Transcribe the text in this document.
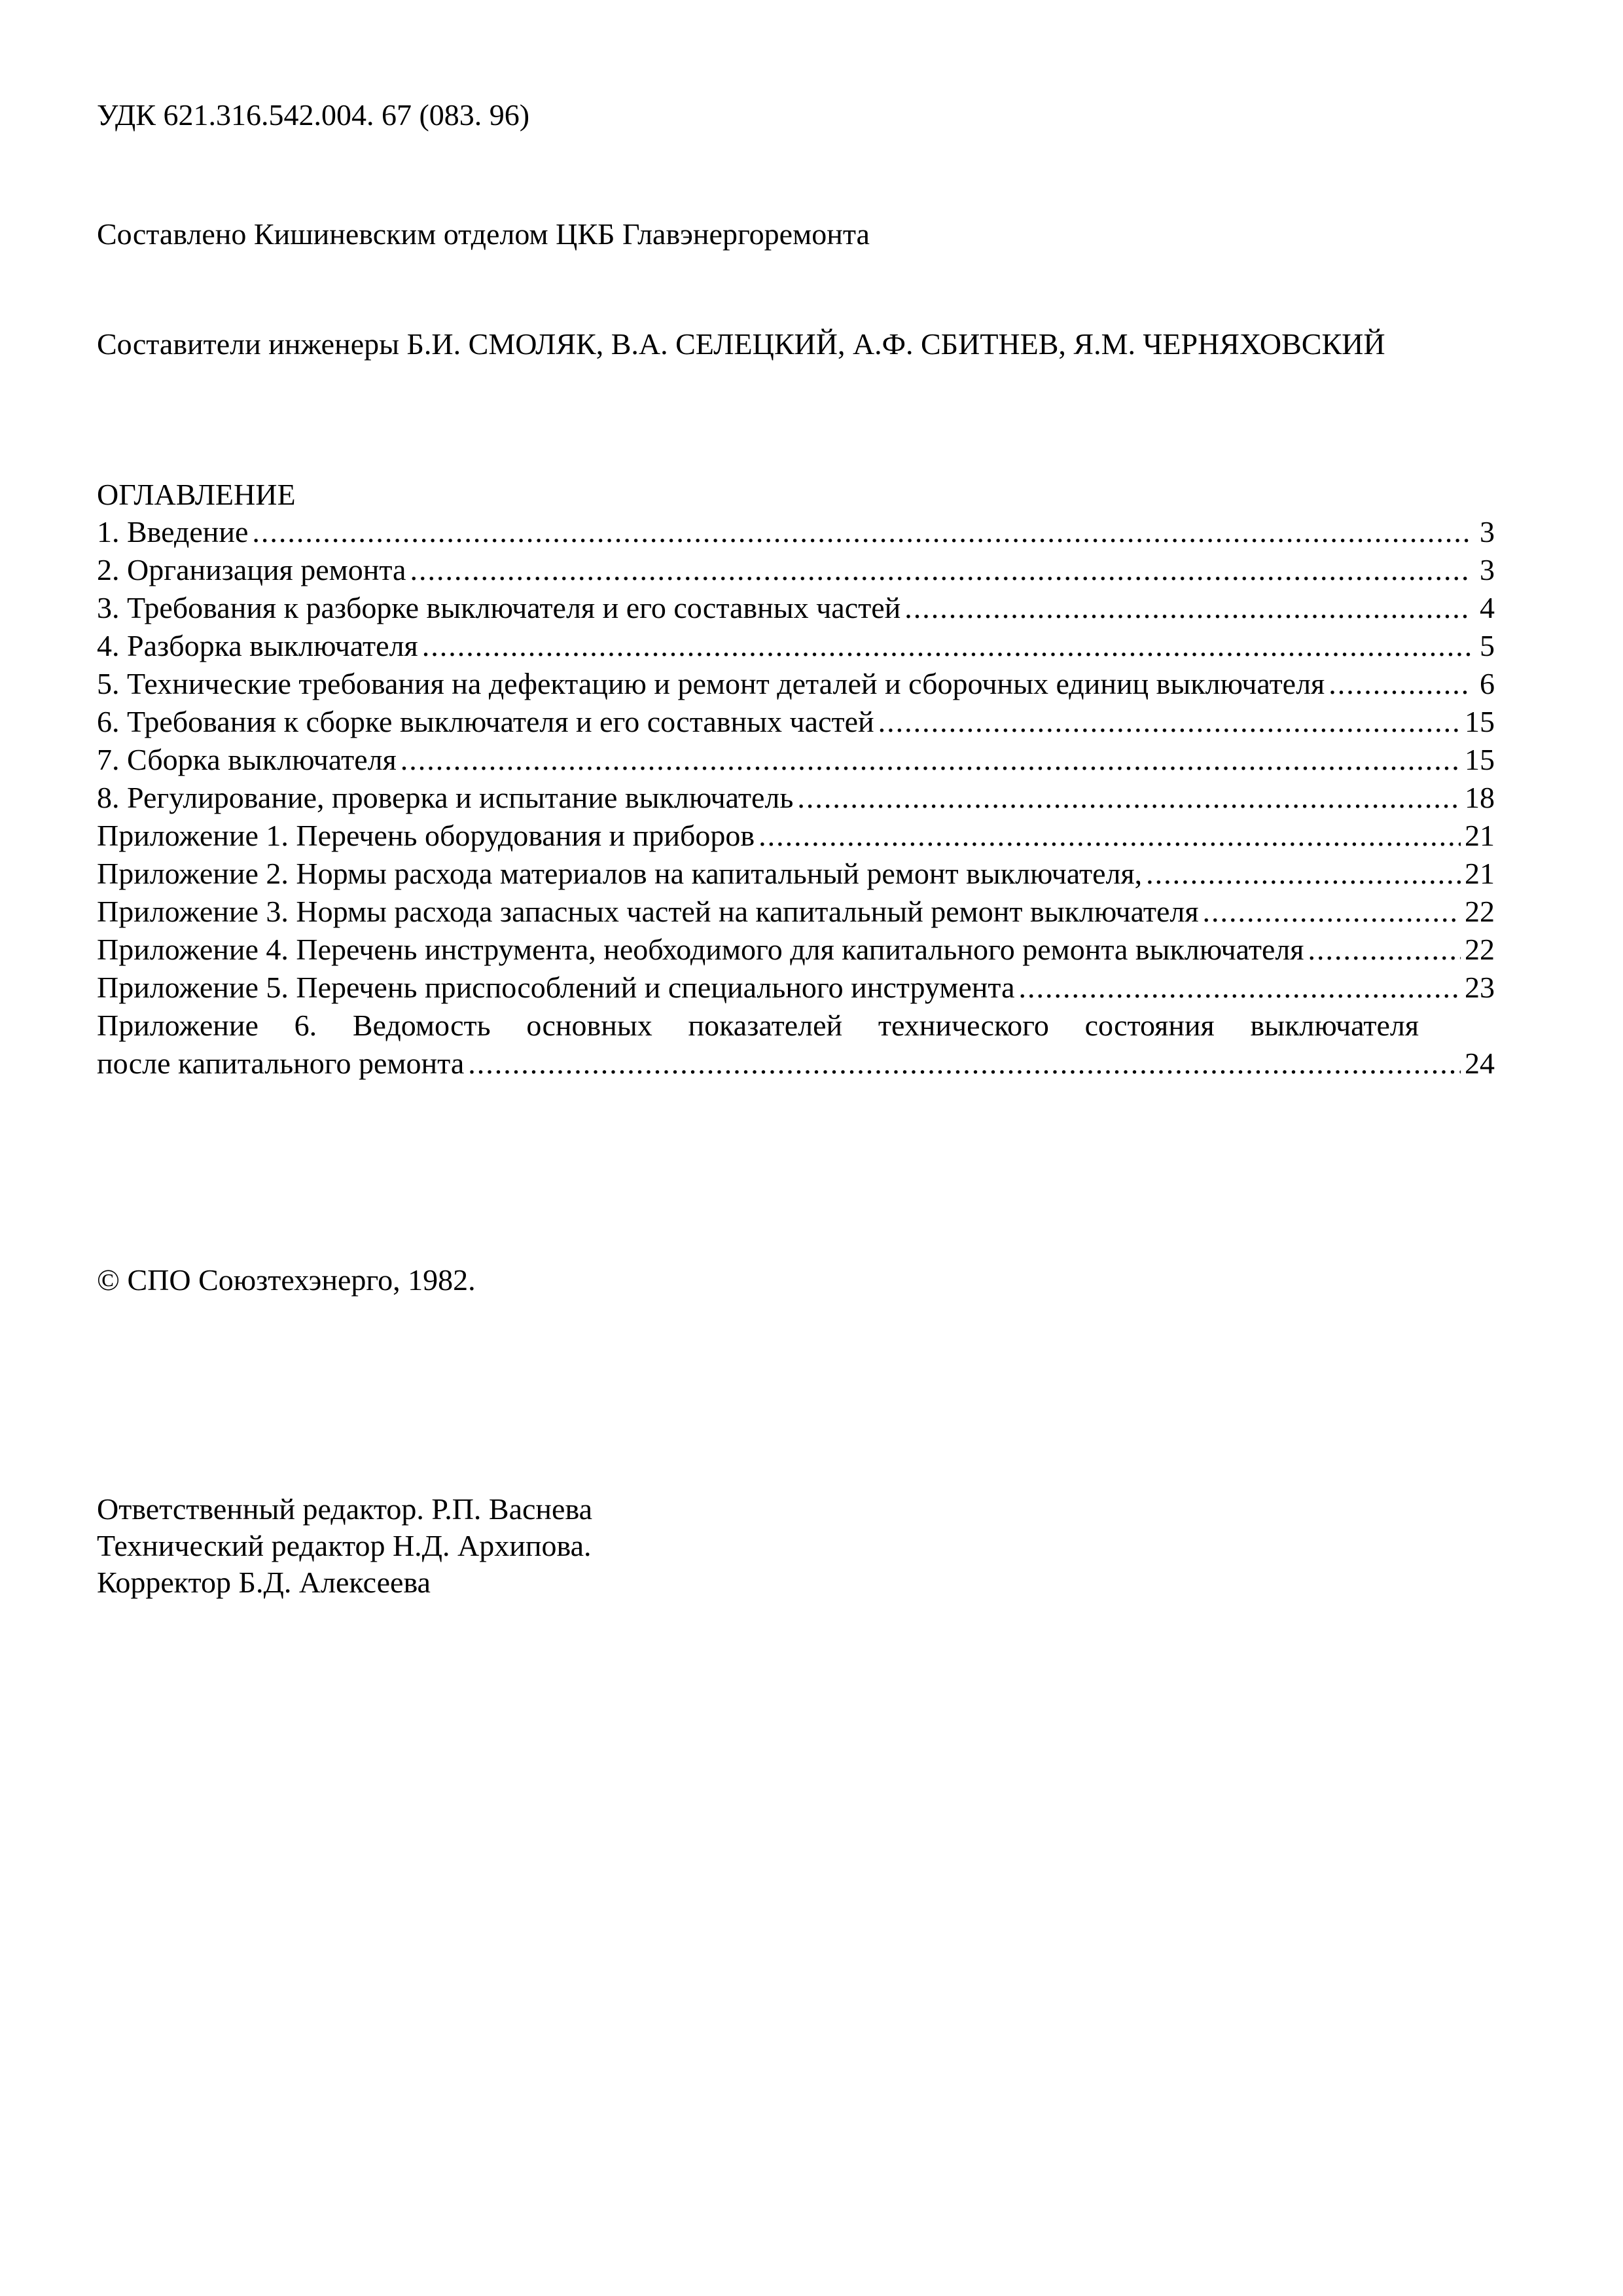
УДК 621.316.542.004. 67 (083. 96)
Составлено Кишиневским отделом ЦКБ Главэнергоремонта
Составители инженеры Б.И. СМОЛЯК, В.А. СЕЛЕЦКИЙ, А.Ф. СБИТНЕВ, Я.М. ЧЕРНЯХОВСКИЙ
ОГЛАВЛЕНИЕ
1. Введение .....	3
2. Организация ремонта .....	3
3. Требования к разборке выключателя и его составных частей .....	4
4. Разборка выключателя .....	5
5. Технические требования на дефектацию и ремонт деталей и сборочных единиц выключателя .....	6
6. Требования к сборке выключателя и его составных частей .....	15
7. Сборка выключателя .....	15
8. Регулирование, проверка и испытание выключатель .....	18
Приложение 1. Перечень оборудования и приборов .....	21
Приложение 2. Нормы расхода материалов на капитальный ремонт выключателя, .....	21
Приложение 3. Нормы расхода запасных частей на капитальный ремонт выключателя .....	22
Приложение 4. Перечень инструмента, необходимого для капитального ремонта выключателя .....	22
Приложение 5. Перечень приспособлений и специального инструмента .....	23
Приложение 6. Ведомость основных показателей технического состояния выключателя
после капитального ремонта .....	24
© СПО Союзтехэнерго, 1982.
Ответственный редактор. Р.П. Васнева
Технический редактор Н.Д. Архипова.
Корректор Б.Д. Алексеева
